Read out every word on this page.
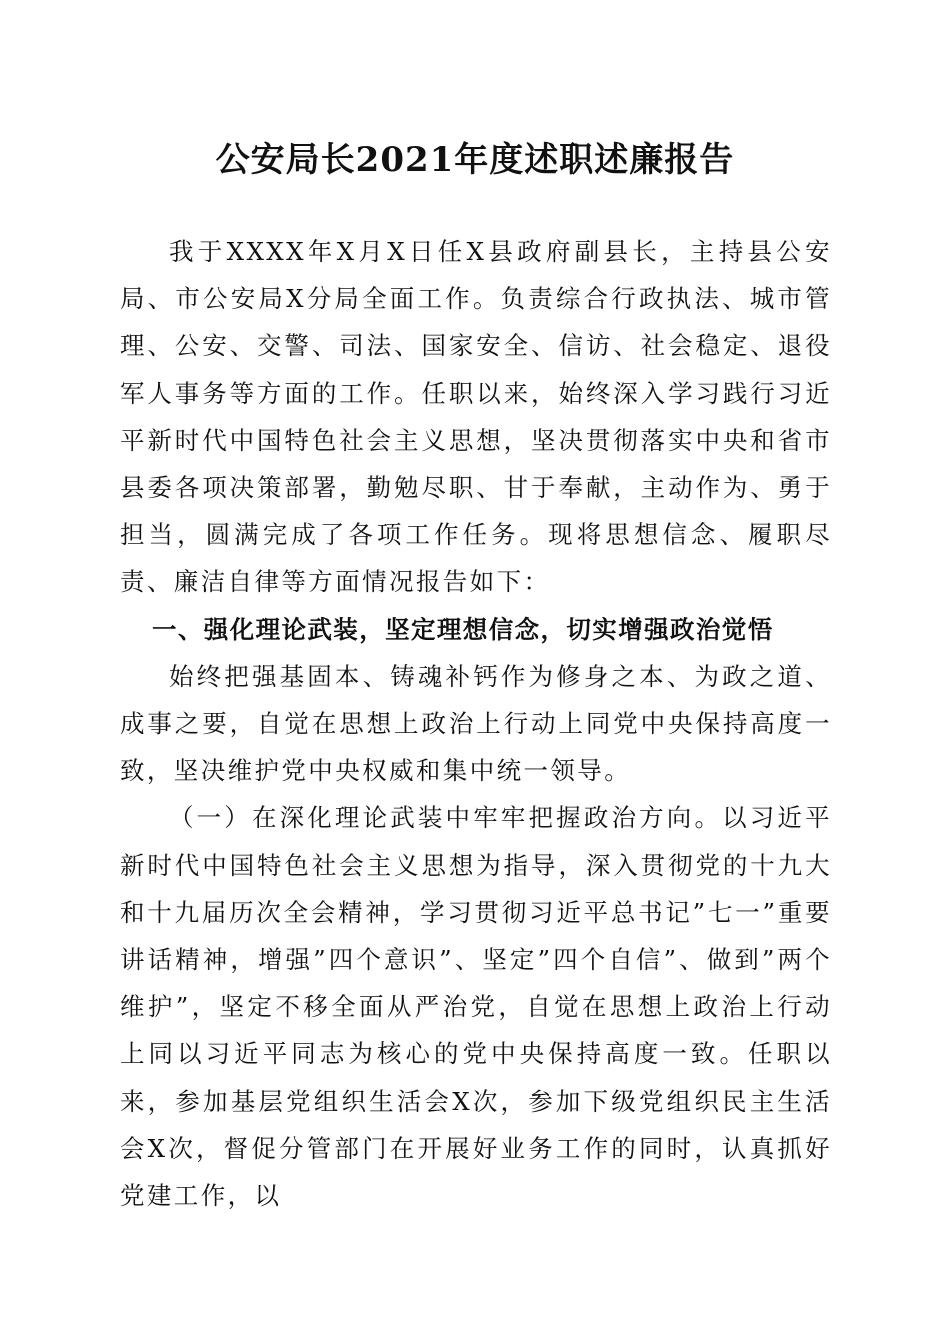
公安局长2021年度述职述廉报告

我于XXXX年X月X日任X县政府副县长，主持县公安局、市公安局X分局全面工作。负责综合行政执法、城市管理、公安、交警、司法、国家安全、信访、社会稳定、退役军人事务等方面的工作。任职以来，始终深入学习践行习近平新时代中国特色社会主义思想，坚决贯彻落实中央和省市县委各项决策部署，勤勉尽职、甘于奉献，主动作为、勇于担当，圆满完成了各项工作任务。现将思想信念、履职尽责、廉洁自律等方面情况报告如下：

一、强化理论武装，坚定理想信念，切实增强政治觉悟

始终把强基固本、铸魂补钙作为修身之本、为政之道、成事之要，自觉在思想上政治上行动上同党中央保持高度一致，坚决维护党中央权威和集中统一领导。

（一）在深化理论武装中牢牢把握政治方向。以习近平新时代中国特色社会主义思想为指导，深入贯彻党的十九大和十九届历次全会精神，学习贯彻习近平总书记”七一”重要讲话精神，增强”四个意识”、坚定”四个自信”、做到”两个维护”，坚定不移全面从严治党，自觉在思想上政治上行动上同以习近平同志为核心的党中央保持高度一致。任职以来，参加基层党组织生活会X次，参加下级党组织民主生活会X次，督促分管部门在开展好业务工作的同时，认真抓好党建工作，以
